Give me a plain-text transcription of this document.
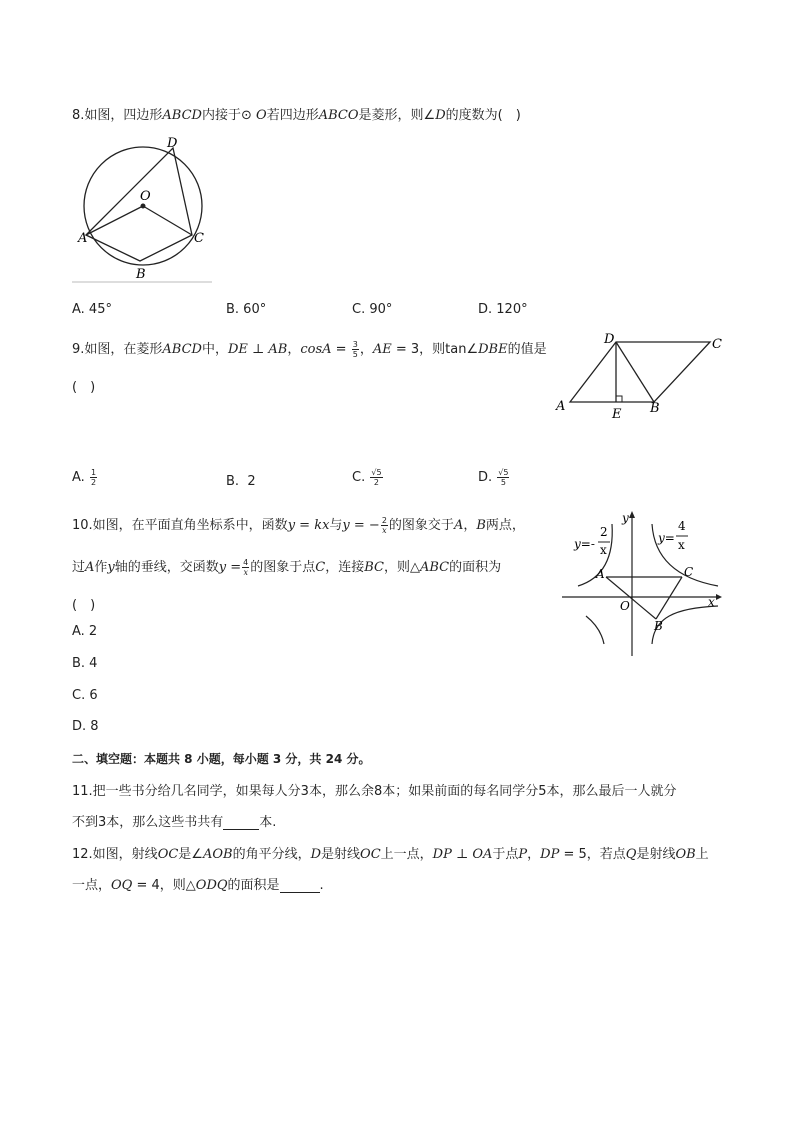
8.如图，四边形ABCD内接于⊙ O若四边形ABCO是菱形，则∠D的度数为(　)
D
O
A	C
B
A. 45°	B. 60°	C. 90°	D. 120°
9.如图，在菱形ABCD中，DE ⊥ AB，$\cos A = \frac{3}{5}$ ，AE = 3，则tan∠DBE的值是
(　)
D	C
A
E B
A. $\frac{1}{2}$	B. 2	C. $\frac{√5}{2}$	D. $\frac{√5}{5}$
10.如图，在平面直角坐标系中，函数y = kx与y = − $\frac{2}{x}$ 的图象交于A，B两点，
过A作y轴的垂线，交函数$y = \frac{4}{x}$ 的图象于点C，连接BC，则△ABC的面积为
(　)
A. 2
B. 4
C. 6
D. 8
x
y
A	C
O
B
y=-
2
x
y=
4
x
二、填空题：本题共 8 小题，每小题 3 分，共 24 分。
11.把一些书分给几名同学，如果每人分3本，那么余8本；如果前面的每名同学分5本，那么最后一人就分
不到3本，那么这些书共有	本.
12.如图，射线OC是∠AOB的角平分线，D是射线OC上一点，DP ⊥ OA于点P，DP = 5，若点Q是射线OB上
一点，OQ = 4，则△ODQ的面积是	.
